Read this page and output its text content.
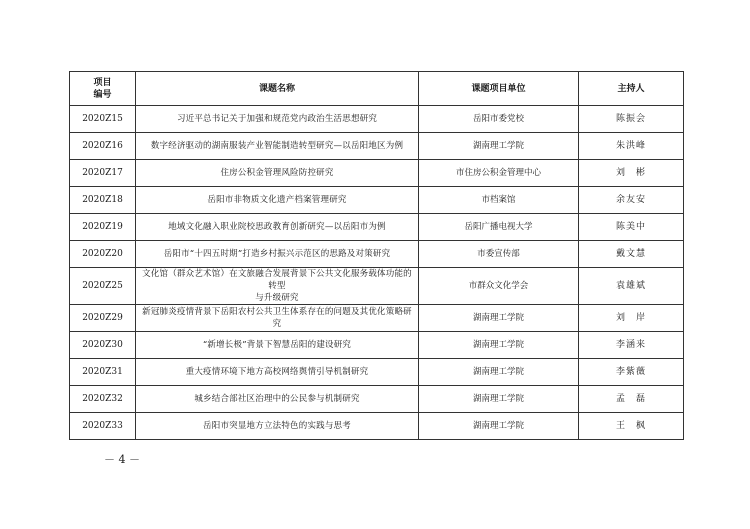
项目
编号	课题名称	课题项目单位	主持人
2020Z15	习近平总书记关于加强和规范党内政治生活思想研究	岳阳市委党校	陈振会
2020Z16	数字经济驱动的湖南服装产业智能制造转型研究—以岳阳地区为例	湖南理工学院	朱洪峰
2020Z17	住房公积金管理风险防控研究	市住房公积金管理中心	刘　彬
2020Z18	岳阳市非物质文化遗产档案管理研究	市档案馆	余友安
2020Z19	地域文化融入职业院校思政教育创新研究—以岳阳市为例	岳阳广播电视大学	陈美中
2020Z20	岳阳市“十四五时期”打造乡村振兴示范区的思路及对策研究	市委宣传部	戴文慧
2020Z25	文化馆（群众艺术馆）在文旅融合发展背景下公共文化服务载体功能的转型
与升级研究	市群众文化学会	袁雄斌
2020Z29	新冠肺炎疫情背景下岳阳农村公共卫生体系存在的问题及其优化策略研究	湖南理工学院	刘　岸
2020Z30	“新增长极”背景下智慧岳阳的建设研究	湖南理工学院	李涵来
2020Z31	重大疫情环境下地方高校网络舆情引导机制研究	湖南理工学院	李紫薇
2020Z32	城乡结合部社区治理中的公民参与机制研究	湖南理工学院	孟　磊
2020Z33	岳阳市突显地方立法特色的实践与思考	湖南理工学院	王　枫
－ 4 －
